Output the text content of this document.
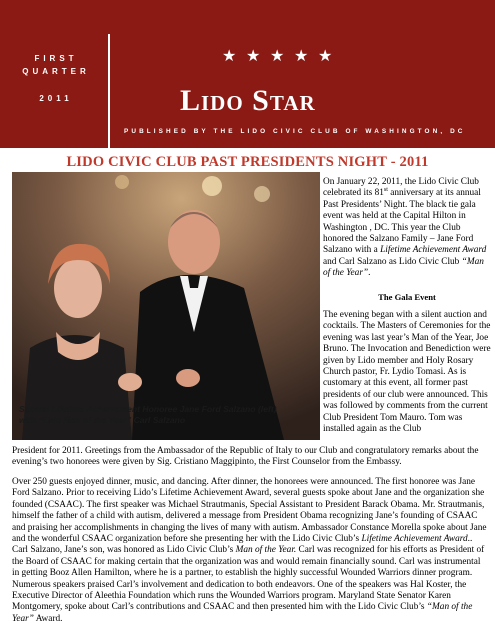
FIRST QUARTER
2011
★ ★ ★ ★ ★
Lido Star
PUBLISHED BY THE LIDO CIVIC CLUB OF WASHINGTON, DC
LIDO CIVIC CLUB PAST PRESIDENTS NIGHT - 2011
Special Lifetime Achievement Honoree Jane Ford Salzano (left)
with “Lido Man of the Year” Carl Salzano
On January 22, 2011, the Lido Civic Club celebrated its 81st anniversary at its annual Past Presidents’ Night. The black tie gala event was held at the Capital Hilton in Washington , DC. This year the Club honored the Salzano Family – Jane Ford Salzano with a Lifetime Achievement Award and Carl Salzano as Lido Civic Club “Man of the Year”.
The Gala Event
The evening began with a silent auction and cocktails. The Masters of Ceremonies for the evening was last year’s Man of the Year, Joe Bruno. The Invocation and Benediction were given by Lido member and Holy Rosary Church pastor, Fr. Lydio Tomasi. As is customary at this event, all former past presidents of our club were announced. This was followed by comments from the current Club President Tom Mauro. Tom was installed again as the Club
President for 2011. Greetings from the Ambassador of the Republic of Italy to our Club and congratulatory remarks about the evening’s two honorees were given by Sig. Cristiano Maggipinto, the First Counselor from the Embassy.
Over 250 guests enjoyed dinner, music, and dancing. After dinner, the honorees were announced. The first honoree was Jane Ford Salzano. Prior to receiving Lido’s Lifetime Achievement Award, several guests spoke about Jane and the organization she founded (CSAAC). The first speaker was Michael Strautmanis, Special Assistant to President Barack Obama. Mr. Strautmanis, himself the father of a child with autism, delivered a message from President Obama recognizing Jane’s founding of CSAAC and praising her accomplishments in changing the lives of many with autism. Ambassador Constance Morella spoke about Jane and the wonderful CSAAC organization before she presenting her with the Lido Civic Club’s Lifetime Achievement Award.. Carl Salzano, Jane’s son, was honored as Lido Civic Club’s Man of the Year. Carl was recognized for his efforts as President of the Board of CSAAC for making certain that the organization was and would remain financially sound. Carl was instrumental in getting Booz Allen Hamilton, where he is a partner, to establish the highly successful Wounded Warriors dinner program. Numerous speakers praised Carl’s involvement and dedication to both endeavors. One of the speakers was Hal Koster, the Executive Director of Aleethia Foundation which runs the Wounded Warriors program. Maryland State Senator Karen Montgomery, spoke about Carl’s contributions and CSAAC and then presented him with the Lido Civic Club’s “Man of the Year” Award.
